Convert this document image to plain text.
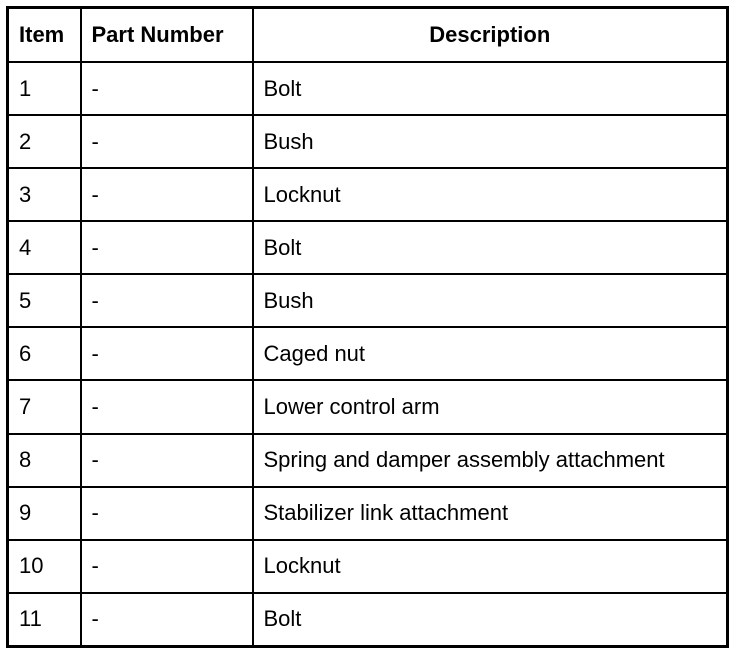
Item	Part Number	Description
1	-	Bolt
2	-	Bush
3	-	Locknut
4	-	Bolt
5	-	Bush
6	-	Caged nut
7	-	Lower control arm
8	-	Spring and damper assembly attachment
9	-	Stabilizer link attachment
10	-	Locknut
11	-	Bolt
